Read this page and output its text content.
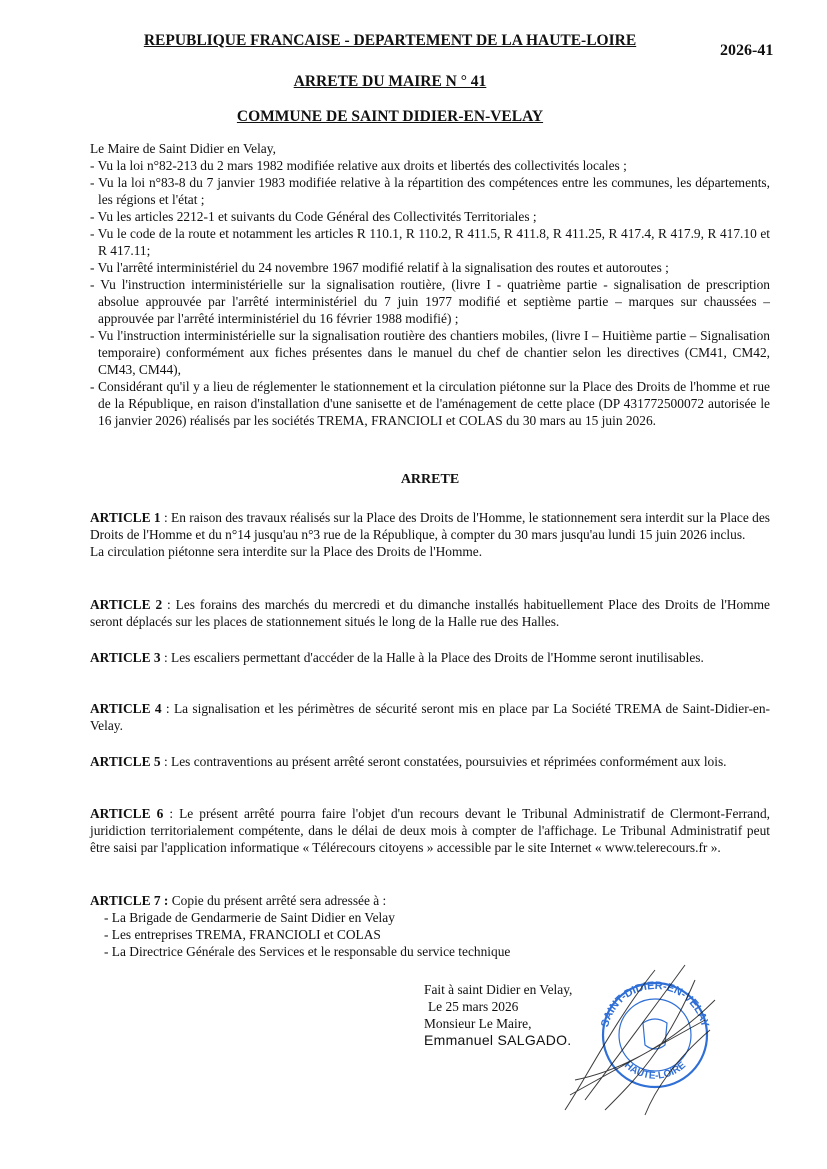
REPUBLIQUE FRANCAISE - DEPARTEMENT DE LA HAUTE-LOIRE
2026-41
ARRETE DU MAIRE N ° 41
COMMUNE DE SAINT DIDIER-EN-VELAY

Le Maire de Saint Didier en Velay,

- Vu la loi n°82-213 du 2 mars 1982 modifiée relative aux droits et libertés des collectivités locales ;

- Vu la loi n°83-8 du 7 janvier 1983 modifiée relative à la répartition des compétences entre les communes, les départements, les régions et l'état ;

- Vu les articles 2212-1 et suivants du Code Général des Collectivités Territoriales ;

- Vu le code de la route et notamment les articles R 110.1, R 110.2, R 411.5, R 411.8, R 411.25, R 417.4, R 417.9, R 417.10 et R 417.11;

- Vu l'arrêté interministériel du 24 novembre 1967 modifié relatif à la signalisation des routes et autoroutes ;

- Vu l'instruction interministérielle sur la signalisation routière, (livre I - quatrième partie - signalisation de prescription absolue approuvée par l'arrêté interministériel du 7 juin 1977 modifié et septième partie – marques sur chaussées – approuvée par l'arrêté interministériel du 16 février 1988 modifié) ;

- Vu l'instruction interministérielle sur la signalisation routière des chantiers mobiles, (livre I – Huitième partie – Signalisation temporaire) conformément aux fiches présentes dans le manuel du chef de chantier selon les directives (CM41, CM42, CM43, CM44),

- Considérant qu'il y a lieu de réglementer le stationnement et la circulation piétonne sur la Place des Droits de l'homme et rue de la République, en raison d'installation d'une sanisette et de l'aménagement de cette place (DP 431772500072 autorisée le 16 janvier 2026) réalisés par les sociétés TREMA, FRANCIOLI et COLAS du 30 mars au 15 juin 2026.

ARRETE

ARTICLE 1 : En raison des travaux réalisés sur la Place des Droits de l'Homme, le stationnement sera interdit sur la Place des Droits de l'Homme et du n°14 jusqu'au n°3 rue de la République, à compter du 30 mars jusqu'au lundi 15 juin 2026 inclus.

La circulation piétonne sera interdite sur la Place des Droits de l'Homme.

ARTICLE 2 : Les forains des marchés du mercredi et du dimanche installés habituellement Place des Droits de l'Homme seront déplacés sur les places de stationnement situés le long de la Halle rue des Halles.

ARTICLE 3 : Les escaliers permettant d'accéder de la Halle à la Place des Droits de l'Homme seront inutilisables.

ARTICLE 4 : La signalisation et les périmètres de sécurité seront mis en place par La Société TREMA de Saint-Didier-en-Velay.

ARTICLE 5 : Les contraventions au présent arrêté seront constatées, poursuivies et réprimées conformément aux lois.

ARTICLE 6 : Le présent arrêté pourra faire l'objet d'un recours devant le Tribunal Administratif de Clermont-Ferrand, juridiction territorialement compétente, dans le délai de deux mois à compter de l'affichage. Le Tribunal Administratif peut être saisi par l'application informatique « Télérecours citoyens » accessible par le site Internet « www.telerecours.fr ».

ARTICLE 7 : Copie du présent arrêté sera adressée à :

- La Brigade de Gendarmerie de Saint Didier en Velay
- Les entreprises TREMA, FRANCIOLI et COLAS
- La Directrice Générale des Services et le responsable du service technique
SAINT-DIDIER-EN-VELAY
HAUTE-LOIRE
Fait à saint Didier en Velay,
Le 25 mars 2026
Monsieur Le Maire,
Emmanuel SALGADO.
